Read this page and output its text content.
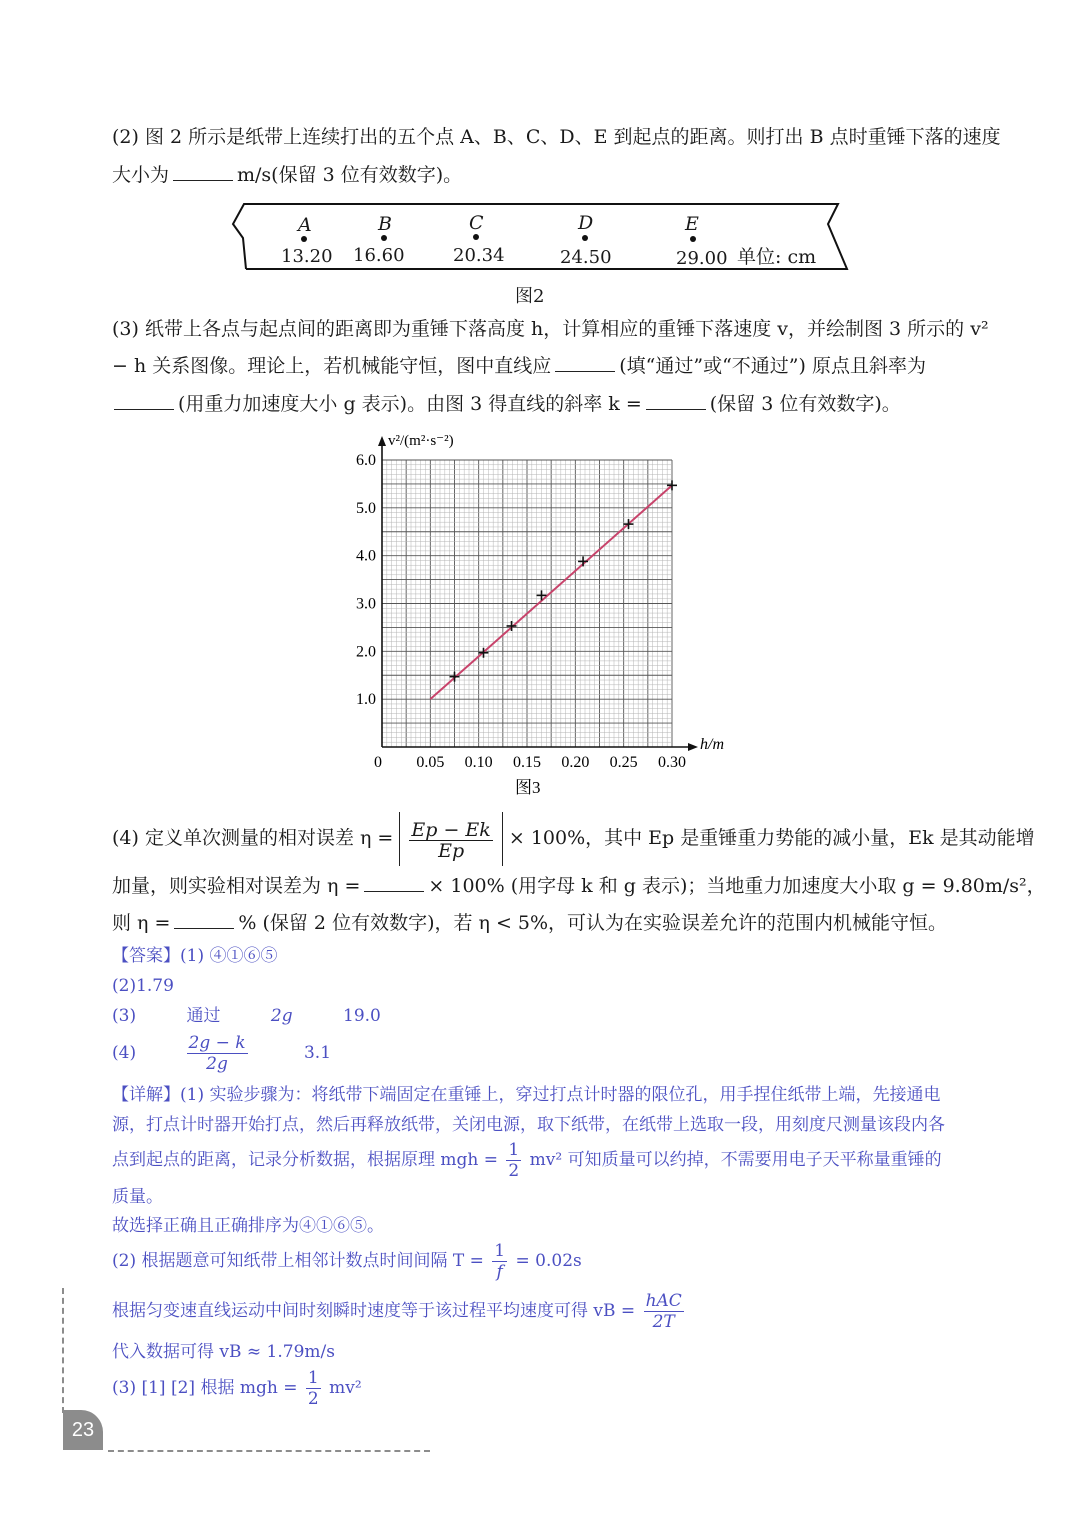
(2) 图 2 所示是纸带上连续打出的五个点 A、B、C、D、E 到起点的距离。则打出 B 点时重锤下落的速度
大小为	m/s(保留 3 位有效数字)。
A	B	C	D	E
13.20 16.60	20.34	24.50	29.00 单位: cm
图2
(3) 纸带上各点与起点间的距离即为重锤下落高度 h，计算相应的重锤下落速度 v，并绘制图 3 所示的 v²
− h 关系图像。理论上，若机械能守恒，图中直线应	(填“通过”或“不通过”) 原点且斜率为
(用重力加速度大小 g 表示)。由图 3 得直线的斜率 k =	(保留 3 位有效数字)。
0 0.05 0.10 0.15 0.20 0.25 0.30
1.0
2.0
3.0
4.0
5.0
6.0
v²/(m²·s⁻²)
h/m
图3
(4) 定义单次测量的相对误差 $\eta = \frac{Ep - Ek}{Ep} \times 100\%$，其中 Ep 是重锤重力势能的减小量，Ek 是其动能增
加量，则实验相对误差为 η =	× 100% (用字母 k 和 g 表示)；当地重力加速度大小取 g = 9.80m/s²，
则 η =	% (保留 2 位有效数字)，若 η < 5%，可认为在实验误差允许的范围内机械能守恒。
【答案】(1) ④①⑥⑤
(2)1.79
(3)	通过	2g	19.0
(4)	$\frac{2g - k}{2g}$	3.1
【详解】(1) 实验步骤为：将纸带下端固定在重锤上，穿过打点计时器的限位孔，用手捏住纸带上端，先接通电
源，打点计时器开始打点，然后再释放纸带，关闭电源，取下纸带，在纸带上选取一段，用刻度尺测量该段内各
点到起点的距离，记录分析数据，根据原理 mgh = $\frac{1}{2} mv^2$ 可知质量可以约掉，不需要用电子天平称量重锤的
质量。
故选择正确且正确排序为④①⑥⑤。
(2) 根据题意可知纸带上相邻计数点时间间隔 $T = \frac{1}{f} = 0.02s$
根据匀变速直线运动中间时刻瞬时速度等于该过程平均速度可得 vB = $\frac{\text{hAC}}{2T}$
代入数据可得 vB ≈ 1.79m/s
(3) [1] [2] 根据 mgh = $\frac{1}{2} mv^2$
23
